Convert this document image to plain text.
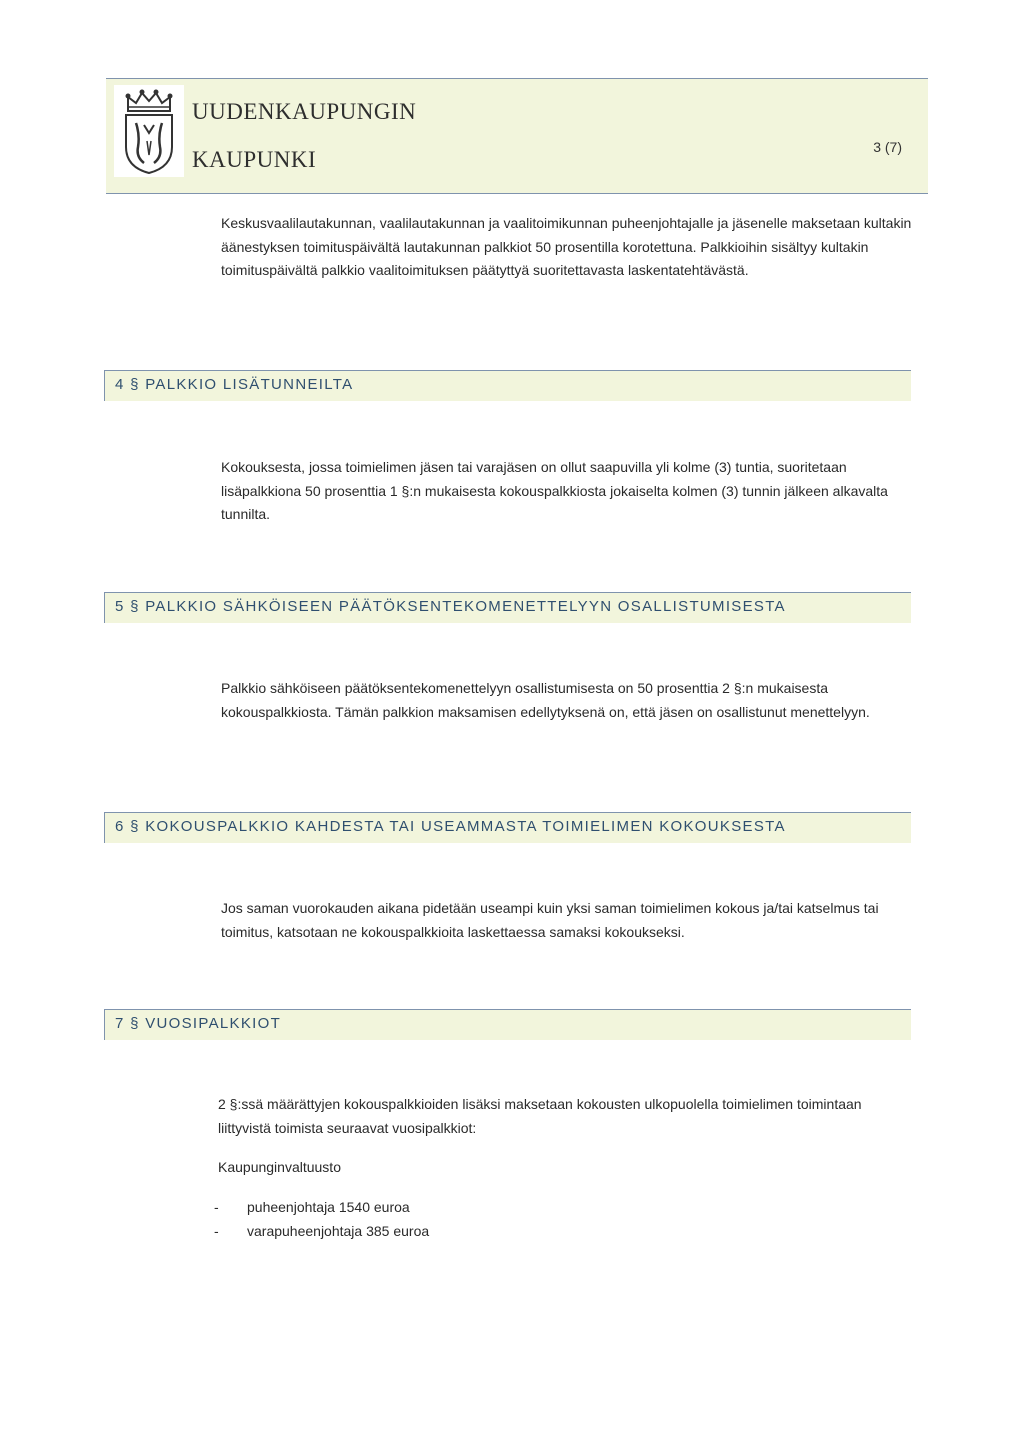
UUDENKAUPUNGIN
KAUPUNKI	3 (7)

Keskusvaalilautakunnan, vaalilautakunnan ja vaalitoimikunnan puheenjohtajalle ja jäsenelle maksetaan kultakin äänestyksen toimituspäivältä lautakunnan palkkiot 50 prosentilla korotettuna. Palkkioihin sisältyy kultakin toimituspäivältä palkkio vaalitoimituksen päätyttyä suoritettavasta laskentatehtävästä.

4 § PALKKIO LISÄTUNNEILTA

Kokouksesta, jossa toimielimen jäsen tai varajäsen on ollut saapuvilla yli kolme (3) tuntia, suoritetaan lisäpalkkiona 50 prosenttia 1 §:n mukaisesta kokouspalkkiosta jokaiselta kolmen (3) tunnin jälkeen alkavalta tunnilta.

5 § PALKKIO SÄHKÖISEEN PÄÄTÖKSENTEKOMENETTELYYN OSALLISTUMISESTA

Palkkio sähköiseen päätöksentekomenettelyyn osallistumisesta on 50 prosenttia 2 §:n mukaisesta kokouspalkkiosta. Tämän palkkion maksamisen edellytyksenä on, että jäsen on osallistunut menettelyyn.

6 § KOKOUSPALKKIO KAHDESTA TAI USEAMMASTA TOIMIELIMEN KOKOUKSESTA

Jos saman vuorokauden aikana pidetään useampi kuin yksi saman toimielimen kokous ja/tai katselmus tai toimitus, katsotaan ne kokouspalkkioita laskettaessa samaksi kokoukseksi.

7 § VUOSIPALKKIOT

2 §:ssä määrättyjen kokouspalkkioiden lisäksi maksetaan kokousten ulkopuolella toimielimen toimintaan liittyvistä toimista seuraavat vuosipalkkiot:

Kaupunginvaltuusto

- puheenjohtaja 1540 euroa
- varapuheenjohtaja 385 euroa
